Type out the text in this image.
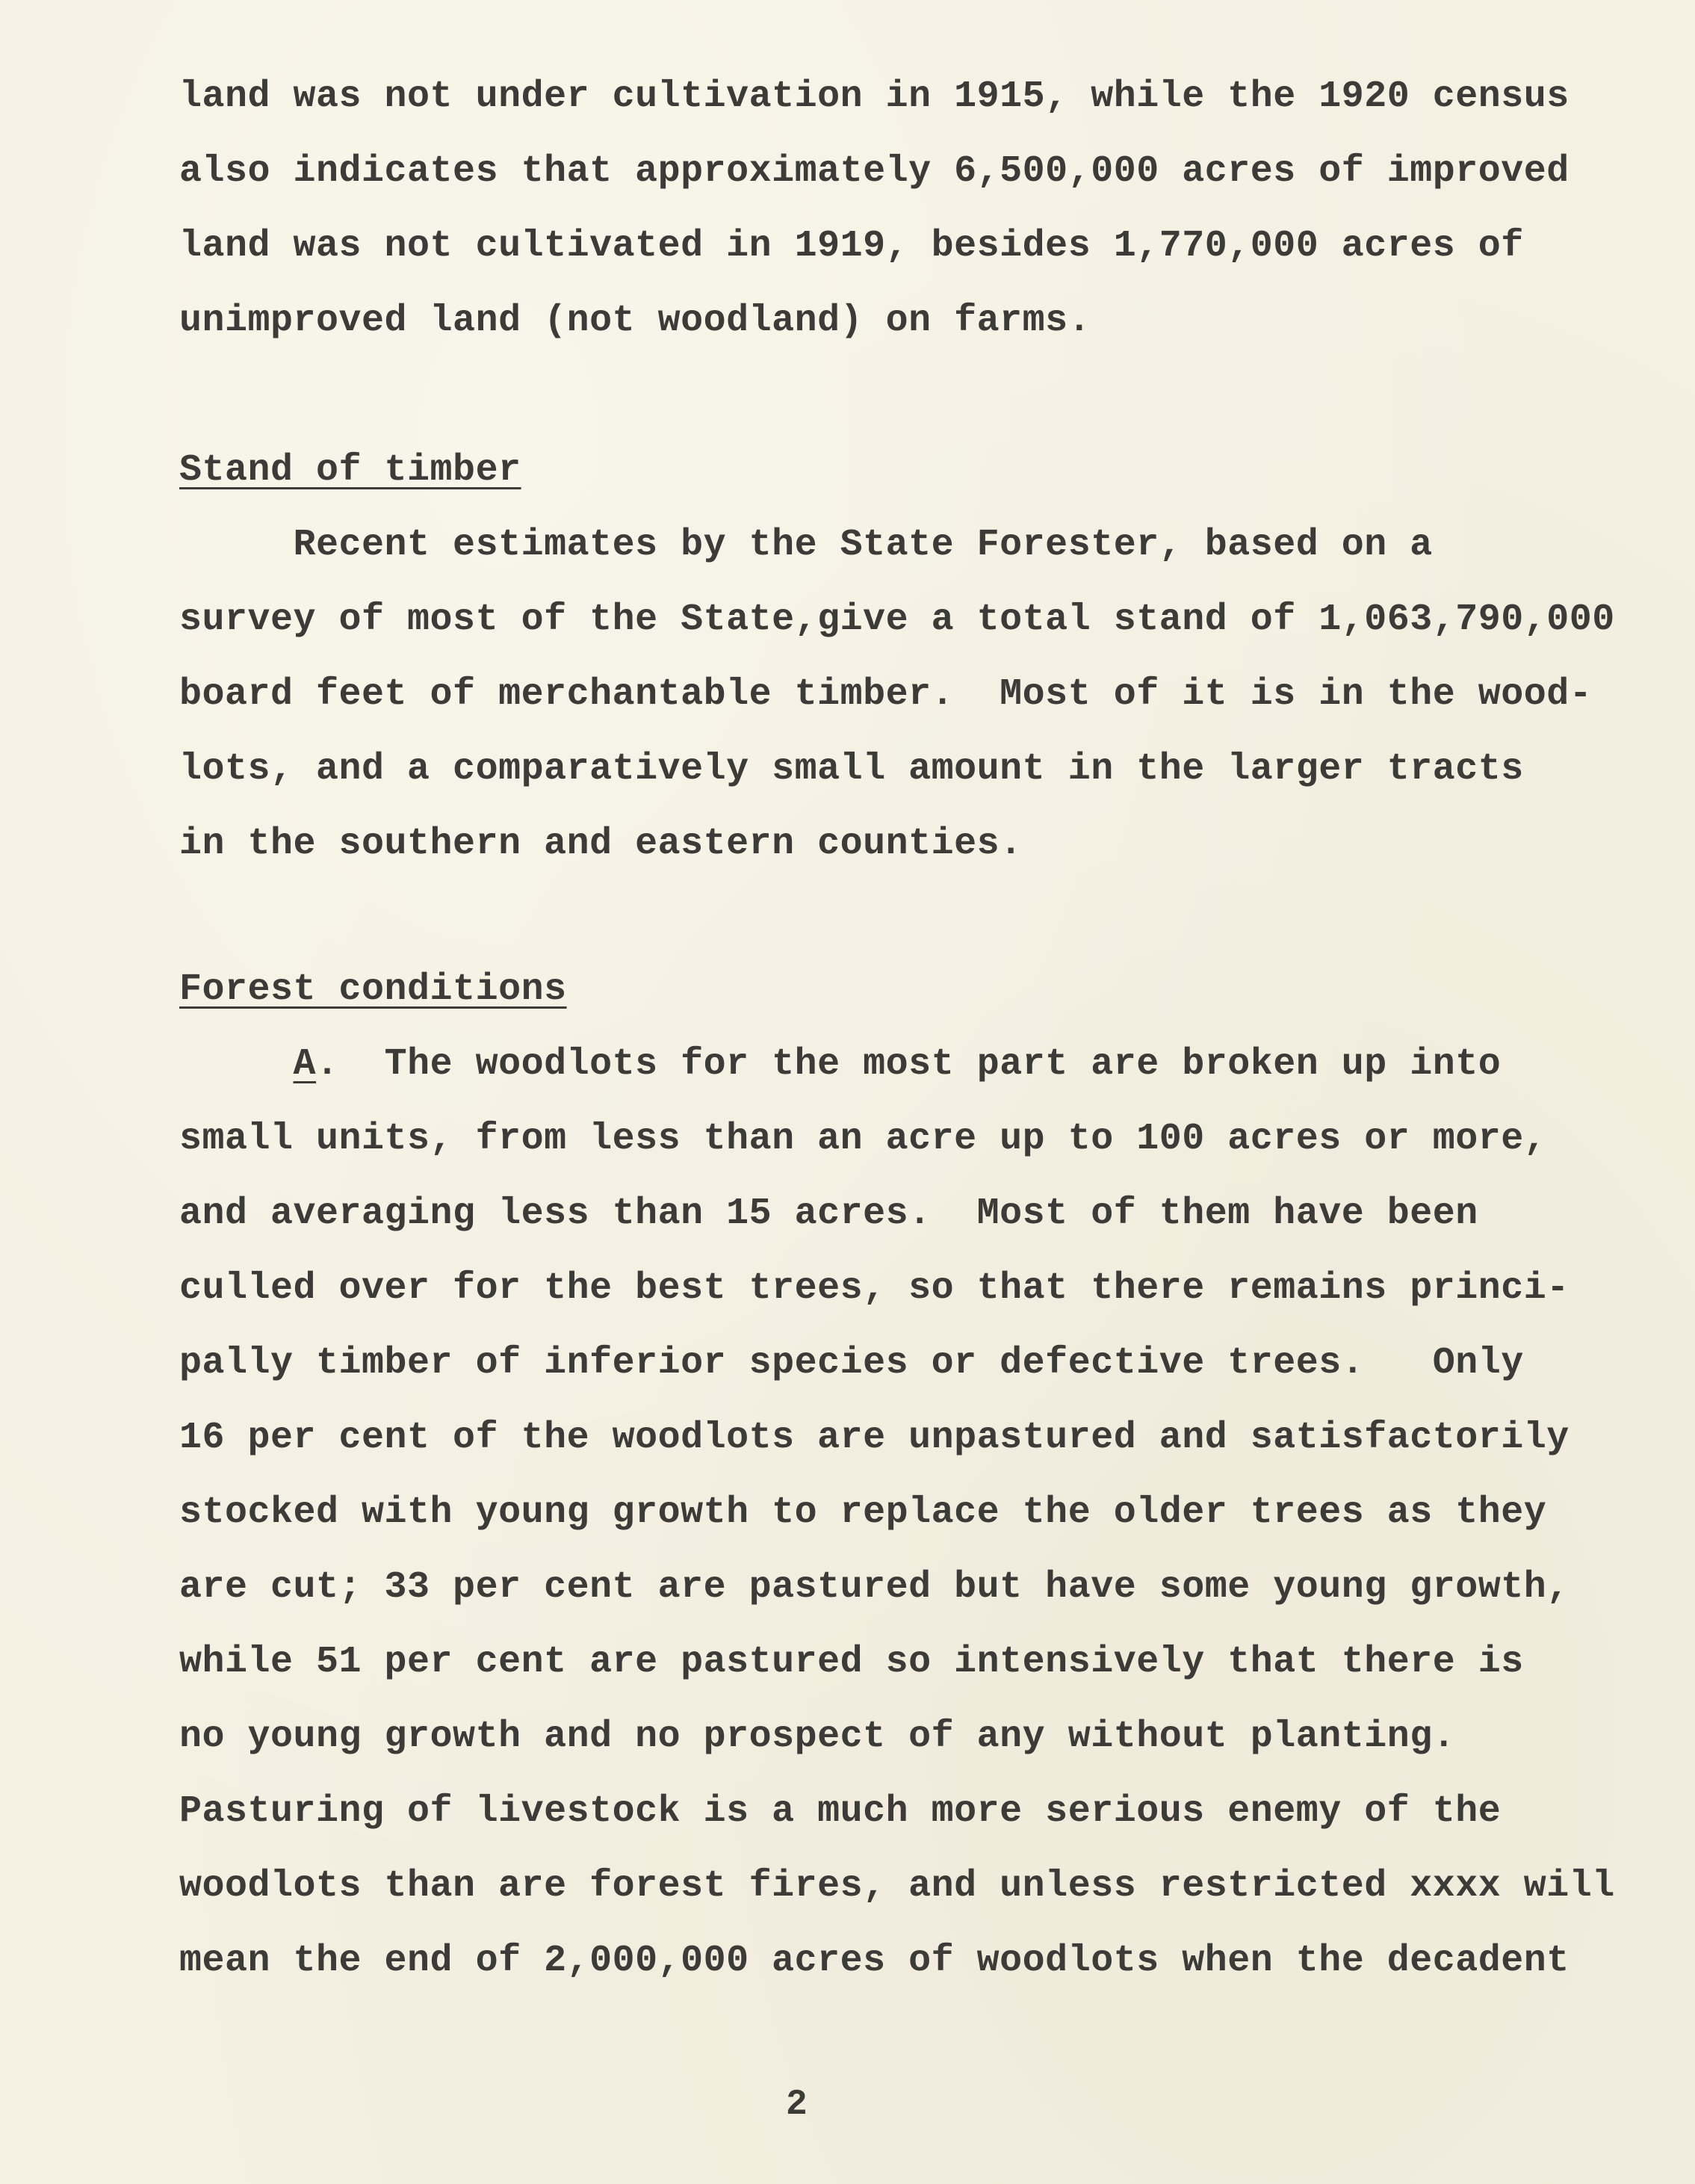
land was not under cultivation in 1915, while the 1920 census

also indicates that approximately 6,500,000 acres of improved

land was not cultivated in 1919, besides 1,770,000 acres of

unimproved land (not woodland) on farms.

Stand of timber

Recent estimates by the State Forester, based on a

survey of most of the State,give a total stand of 1,063,790,000

board feet of merchantable timber.  Most of it is in the wood-

lots, and a comparatively small amount in the larger tracts

in the southern and eastern counties.

Forest conditions

A.  The woodlots for the most part are broken up into

small units, from less than an acre up to 100 acres or more,

and averaging less than 15 acres.  Most of them have been

culled over for the best trees, so that there remains princi-

pally timber of inferior species or defective trees.   Only

16 per cent of the woodlots are unpastured and satisfactorily

stocked with young growth to replace the older trees as they

are cut; 33 per cent are pastured but have some young growth,

while 51 per cent are pastured so intensively that there is

no young growth and no prospect of any without planting.

Pasturing of livestock is a much more serious enemy of the

woodlots than are forest fires, and unless restricted xxxx will

mean the end of 2,000,000 acres of woodlots when the decadent

2
